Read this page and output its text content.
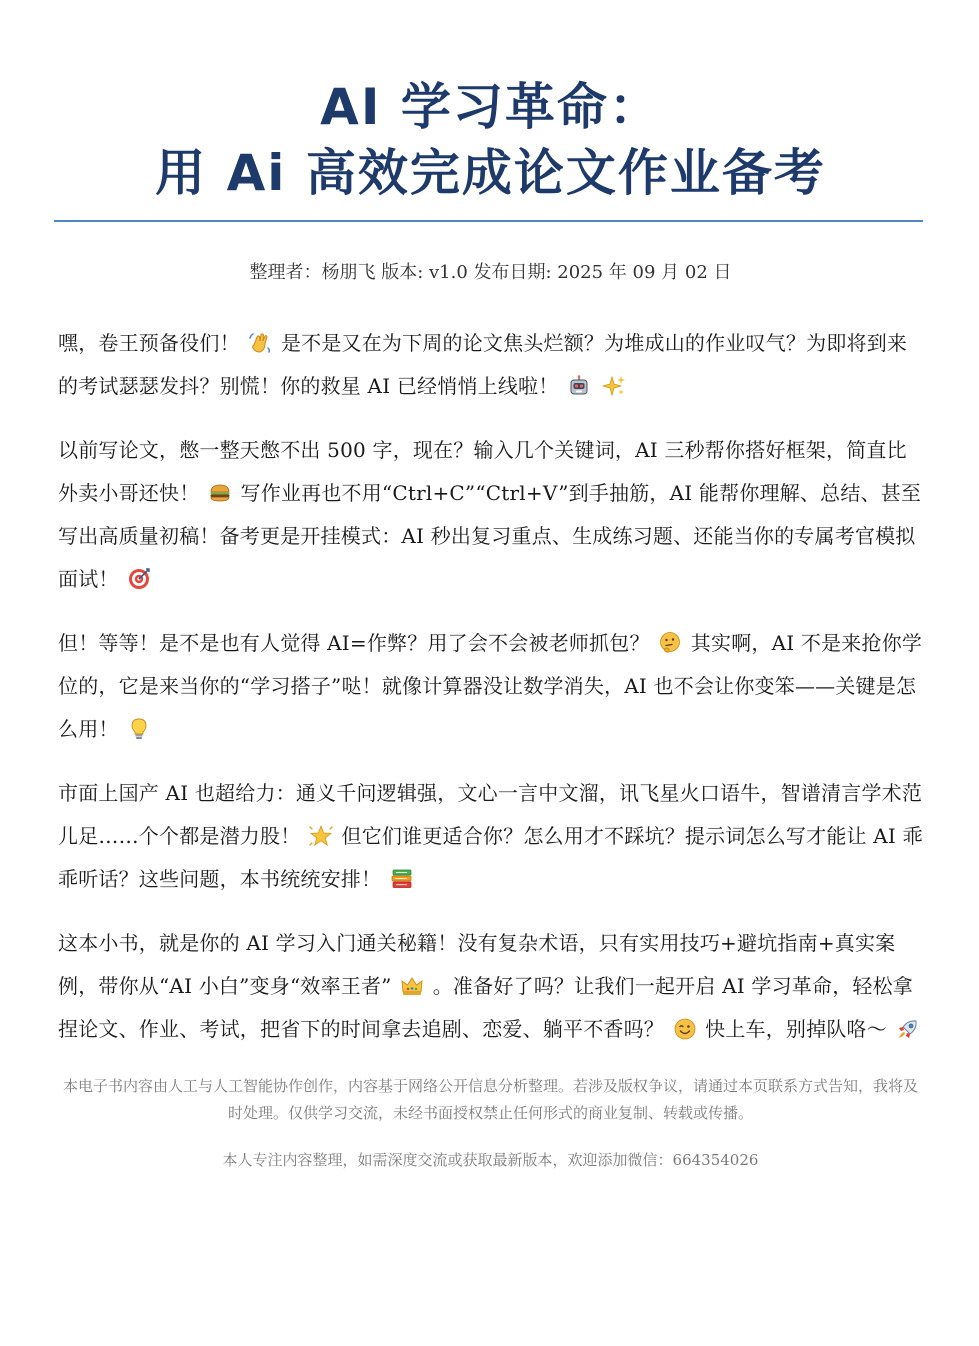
AI 学习革命：
用 Ai 高效完成论文作业备考
整理者：杨朋飞 版本: v1.0 发布日期: 2025 年 09 月 02 日

嘿，卷王预备役们！ 是不是又在为下周的论文焦头烂额？为堆成山的作业叹气？为即将到来的考试瑟瑟发抖？别慌！你的救星 AI 已经悄悄上线啦！

以前写论文，憋一整天憋不出 500 字，现在？输入几个关键词，AI 三秒帮你搭好框架，简直比外卖小哥还快！ 写作业再也不用“Ctrl+C”“Ctrl+V”到手抽筋，AI 能帮你理解、总结、甚至写出高质量初稿！备考更是开挂模式：AI 秒出复习重点、生成练习题、还能当你的专属考官模拟面试！

但！等等！是不是也有人觉得 AI=作弊？用了会不会被老师抓包？ 其实啊，AI 不是来抢你学位的，它是来当你的“学习搭子”哒！就像计算器没让数学消失，AI 也不会让你变笨——关键是怎么用！

市面上国产 AI 也超给力：通义千问逻辑强，文心一言中文溜，讯飞星火口语牛，智谱清言学术范儿足……个个都是潜力股！ 但它们谁更适合你？怎么用才不踩坑？提示词怎么写才能让 AI 乖乖听话？这些问题，本书统统安排！

这本小书，就是你的 AI 学习入门通关秘籍！没有复杂术语，只有实用技巧+避坑指南+真实案例，带你从“AI 小白”变身“效率王者” 。准备好了吗？让我们一起开启 AI 学习革命，轻松拿捏论文、作业、考试，把省下的时间拿去追剧、恋爱、躺平不香吗？ 快上车，别掉队咯～

本电子书内容由人工与人工智能协作创作，内容基于网络公开信息分析整理。若涉及版权争议，请通过本页联系方式告知，我将及时处理。仅供学习交流，未经书面授权禁止任何形式的商业复制、转载或传播。
本人专注内容整理，如需深度交流或获取最新版本，欢迎添加微信：664354026
